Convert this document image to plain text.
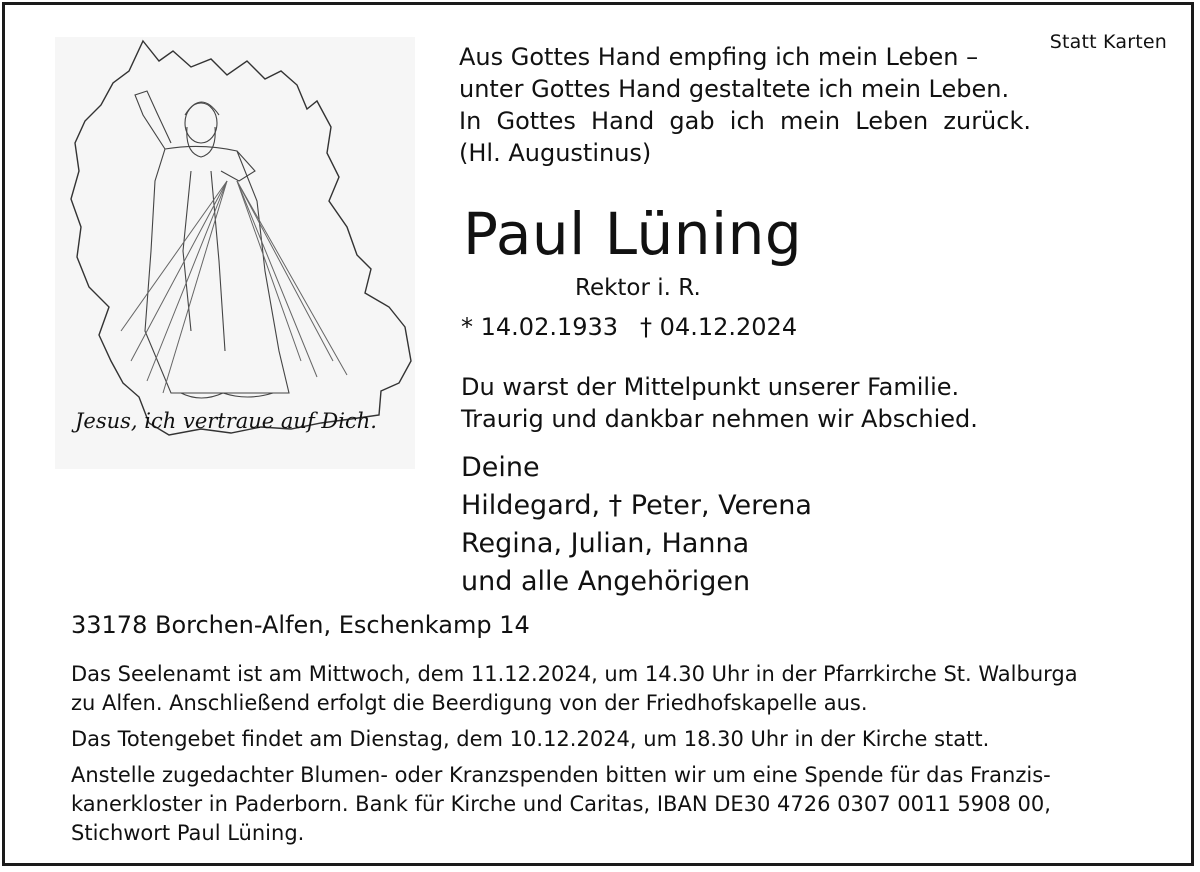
Statt Karten
Jesus, ich vertraue auf Dich.
Aus Gottes Hand empfing ich mein Leben –
unter Gottes Hand gestaltete ich mein Leben.
In Gottes Hand gab ich mein Leben zurück.
(Hl. Augustinus)
Paul Lüning
Rektor i. R.
* 14.02.1933 † 04.12.2024
Du warst der Mittelpunkt unserer Familie.
Traurig und dankbar nehmen wir Abschied.
Deine
Hildegard, † Peter, Verena
Regina, Julian, Hanna
und alle Angehörigen
33178 Borchen-Alfen, Eschenkamp 14

Das Seelenamt ist am Mittwoch, dem 11.12.2024, um 14.30 Uhr in der Pfarrkirche St. Walburga
zu Alfen. Anschließend erfolgt die Beerdigung von der Friedhofskapelle aus.

Das Totengebet findet am Dienstag, dem 10.12.2024, um 18.30 Uhr in der Kirche statt.

Anstelle zugedachter Blumen- oder Kranzspenden bitten wir um eine Spende für das Franzis-
kanerkloster in Paderborn. Bank für Kirche und Caritas, IBAN DE30 4726 0307 0011 5908 00,
Stichwort Paul Lüning.
